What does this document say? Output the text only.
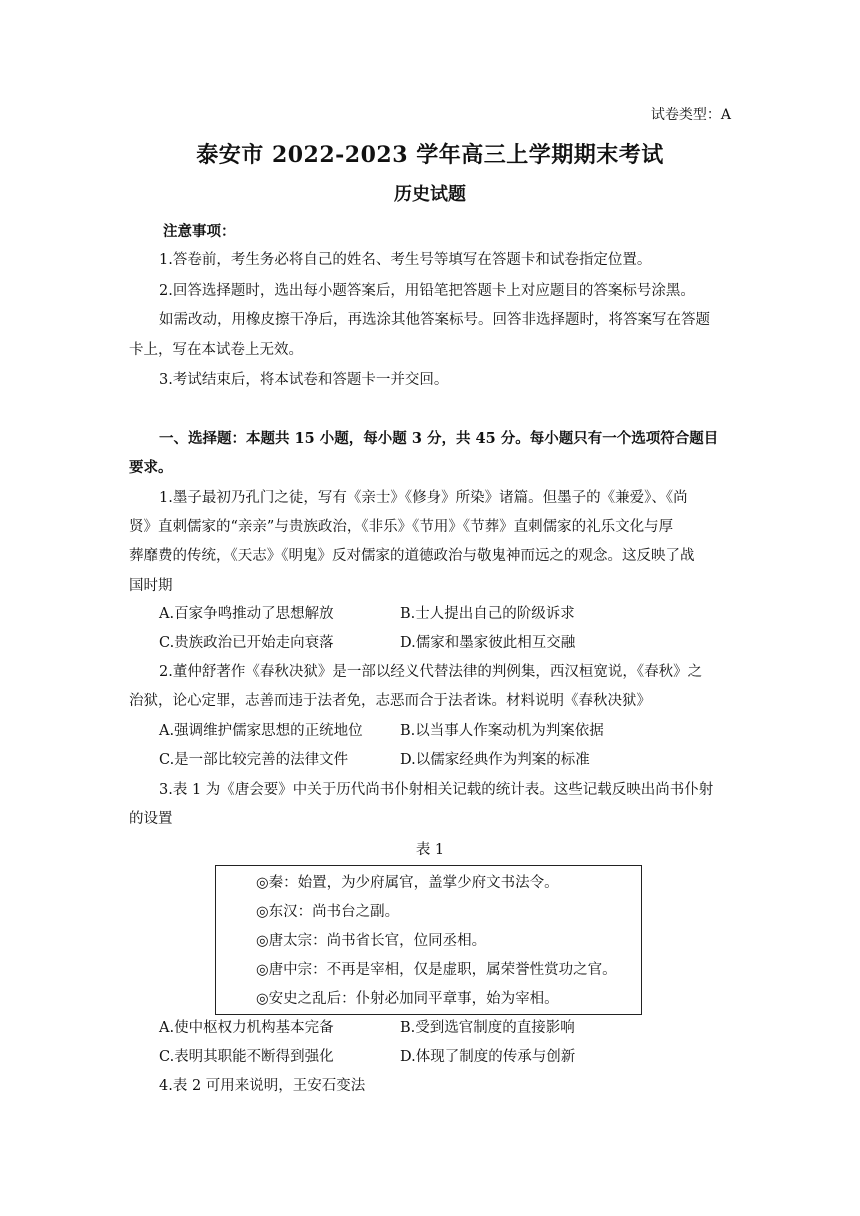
试卷类型：A
泰安市 2022-2023 学年高三上学期期末考试
历史试题
注意事项：
1.答卷前，考生务必将自己的姓名、考生号等填写在答题卡和试卷指定位置。
2.回答选择题时，选出每小题答案后，用铅笔把答题卡上对应题目的答案标号涂黑。
如需改动，用橡皮擦干净后，再选涂其他答案标号。回答非选择题时，将答案写在答题
卡上，写在本试卷上无效。
3.考试结束后，将本试卷和答题卡一并交回。
一、选择题：本题共 15 小题，每小题 3 分，共 45 分。每小题只有一个选项符合题目
要求。
1.墨子最初乃孔门之徒，写有《亲士》《修身》所染》诸篇。但墨子的《兼爱》、《尚
贤》直刺儒家的“亲亲”与贵族政治，《非乐》《节用》《节葬》直刺儒家的礼乐文化与厚
葬靡费的传统，《天志》《明鬼》反对儒家的道德政治与敬鬼神而远之的观念。这反映了战
国时期
A.百家争鸣推动了思想解放	B.士人提出自己的阶级诉求
C.贵族政治已开始走向衰落	D.儒家和墨家彼此相互交融
2.董仲舒著作《春秋决狱》是一部以经义代替法律的判例集，西汉桓宽说，《春秋》之
治狱，论心定罪，志善而违于法者免，志恶而合于法者诛。材料说明《春秋决狱》
A.强调维护儒家思想的正统地位	B.以当事人作案动机为判案依据
C.是一部比较完善的法律文件	D.以儒家经典作为判案的标准
3.表 1 为《唐会要》中关于历代尚书仆射相关记载的统计表。这些记载反映出尚书仆射
的设置
表 1
◎秦：始置，为少府属官，盖掌少府文书法令。
◎东汉：尚书台之副。
◎唐太宗：尚书省长官，位同丞相。
◎唐中宗：不再是宰相，仅是虚职，属荣誉性赏功之官。
◎安史之乱后：仆射必加同平章事，始为宰相。
A.使中枢权力机构基本完备	B.受到选官制度的直接影响
C.表明其职能不断得到强化	D.体现了制度的传承与创新
4.表 2 可用来说明，王安石变法
